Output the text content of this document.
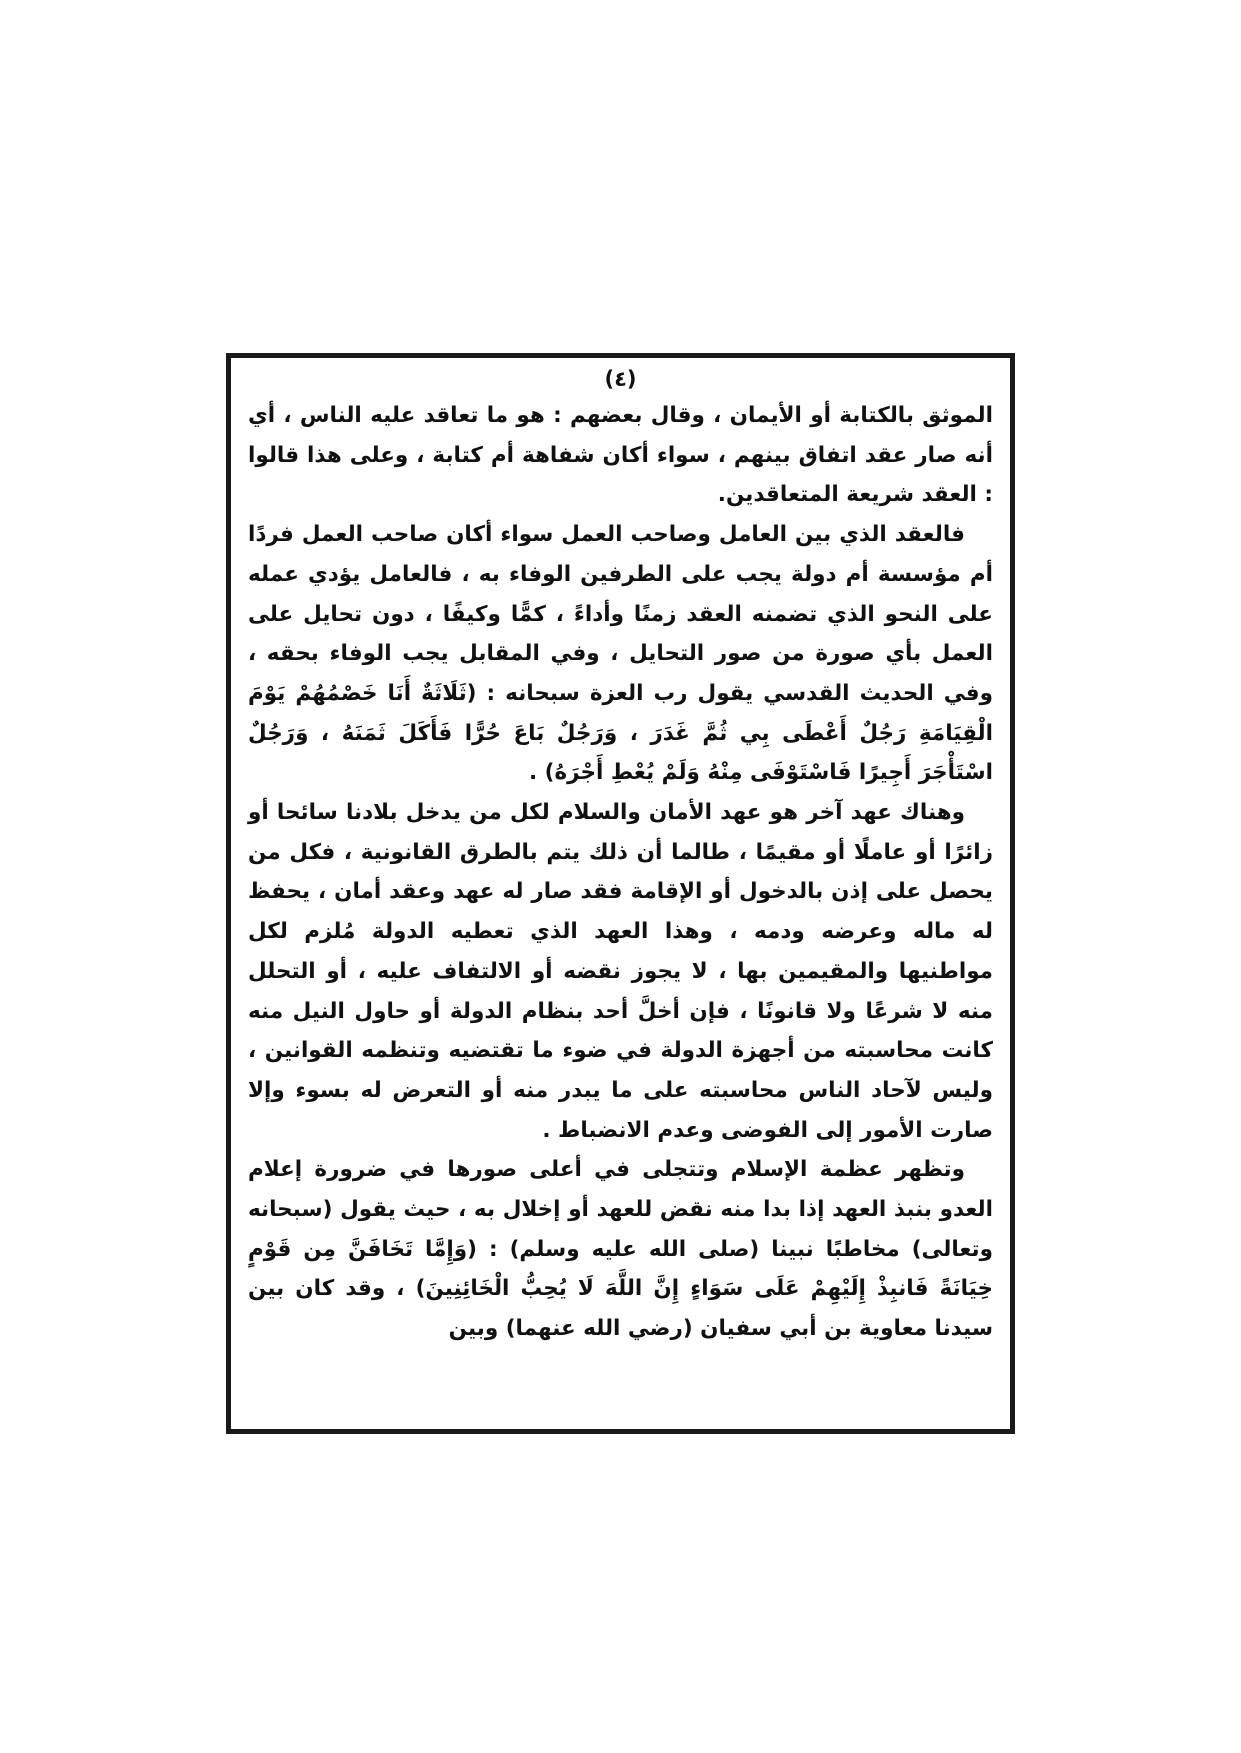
(٤)

الموثق بالكتابة أو الأيمان ، وقال بعضهم : هو ما تعاقد عليه الناس ، أي أنه صار عقد اتفاق بينهم ، سواء أكان شفاهة أم كتابة ، وعلى هذا قالوا : العقد شريعة المتعاقدين.

فالعقد الذي بين العامل وصاحب العمل سواء أكان صاحب العمل فردًا أم مؤسسة أم دولة يجب على الطرفين الوفاء به ، فالعامل يؤدي عمله على النحو الذي تضمنه العقد زمنًا وأداءً ، كمًّا وكيفًا ، دون تحايل على العمل بأي صورة من صور التحايل ، وفي المقابل يجب الوفاء بحقه ، وفي الحديث القدسي يقول رب العزة سبحانه : (ثَلَاثَةٌ أَنَا خَصْمُهُمْ يَوْمَ الْقِيَامَةِ رَجُلٌ أَعْطَى بِي ثُمَّ غَدَرَ ، وَرَجُلٌ بَاعَ حُرًّا فَأَكَلَ ثَمَنَهُ ، وَرَجُلٌ اسْتَأْجَرَ أَجِيرًا فَاسْتَوْفَى مِنْهُ وَلَمْ يُعْطِ أَجْرَهُ) .

وهناك عهد آخر هو عهد الأمان والسلام لكل من يدخل بلادنا سائحا أو زائرًا أو عاملًا أو مقيمًا ، طالما أن ذلك يتم بالطرق القانونية ، فكل من يحصل على إذن بالدخول أو الإقامة فقد صار له عهد وعقد أمان ، يحفظ له ماله وعرضه ودمه ، وهذا العهد الذي تعطيه الدولة مُلزم لكل مواطنيها والمقيمين بها ، لا يجوز نقضه أو الالتفاف عليه ، أو التحلل منه لا شرعًا ولا قانونًا ، فإن أخلَّ أحد بنظام الدولة أو حاول النيل منه كانت محاسبته من أجهزة الدولة في ضوء ما تقتضيه وتنظمه القوانين ، وليس لآحاد الناس محاسبته على ما يبدر منه أو التعرض له بسوء وإلا صارت الأمور إلى الفوضى وعدم الانضباط .

وتظهر عظمة الإسلام وتتجلى في أعلى صورها في ضرورة إعلام العدو بنبذ العهد إذا بدا منه نقض للعهد أو إخلال به ، حيث يقول (سبحانه وتعالى) مخاطبًا نبينا (صلى الله عليه وسلم) : (وَإِمَّا تَخَافَنَّ مِن قَوْمٍ خِيَانَةً فَانبِذْ إِلَيْهِمْ عَلَى سَوَاءٍ إِنَّ اللَّهَ لَا يُحِبُّ الْخَائِنِينَ) ، وقد كان بين سيدنا معاوية بن أبي سفيان (رضي الله عنهما) وبين
